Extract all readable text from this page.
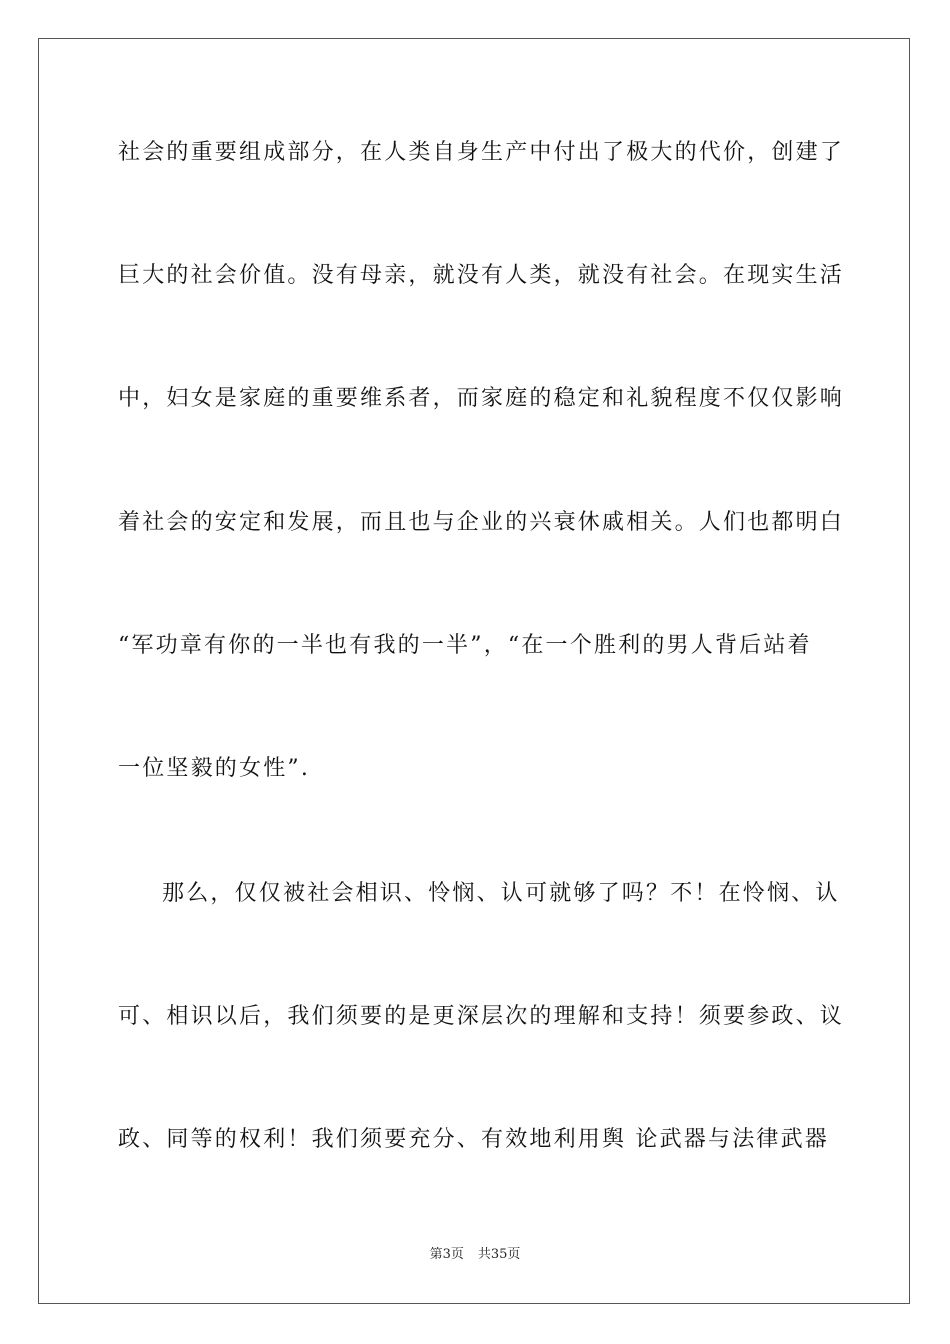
社会的重要组成部分，在人类自身生产中付出了极大的代价，创建了
巨大的社会价值。没有母亲，就没有人类，就没有社会。在现实生活
中，妇女是家庭的重要维系者，而家庭的稳定和礼貌程度不仅仅影响
着社会的安定和发展，而且也与企业的兴衰休戚相关。人们也都明白
“军功章有你的一半也有我的一半”，“在一个胜利的男人背后站着
一位坚毅的女性”.
那么，仅仅被社会相识、怜悯、认可就够了吗？不！在怜悯、认
可、相识以后，我们须要的是更深层次的理解和支持！须要参政、议
政、同等的权利！我们须要充分、有效地利用舆 论武器与法律武器
第3页 共35页
